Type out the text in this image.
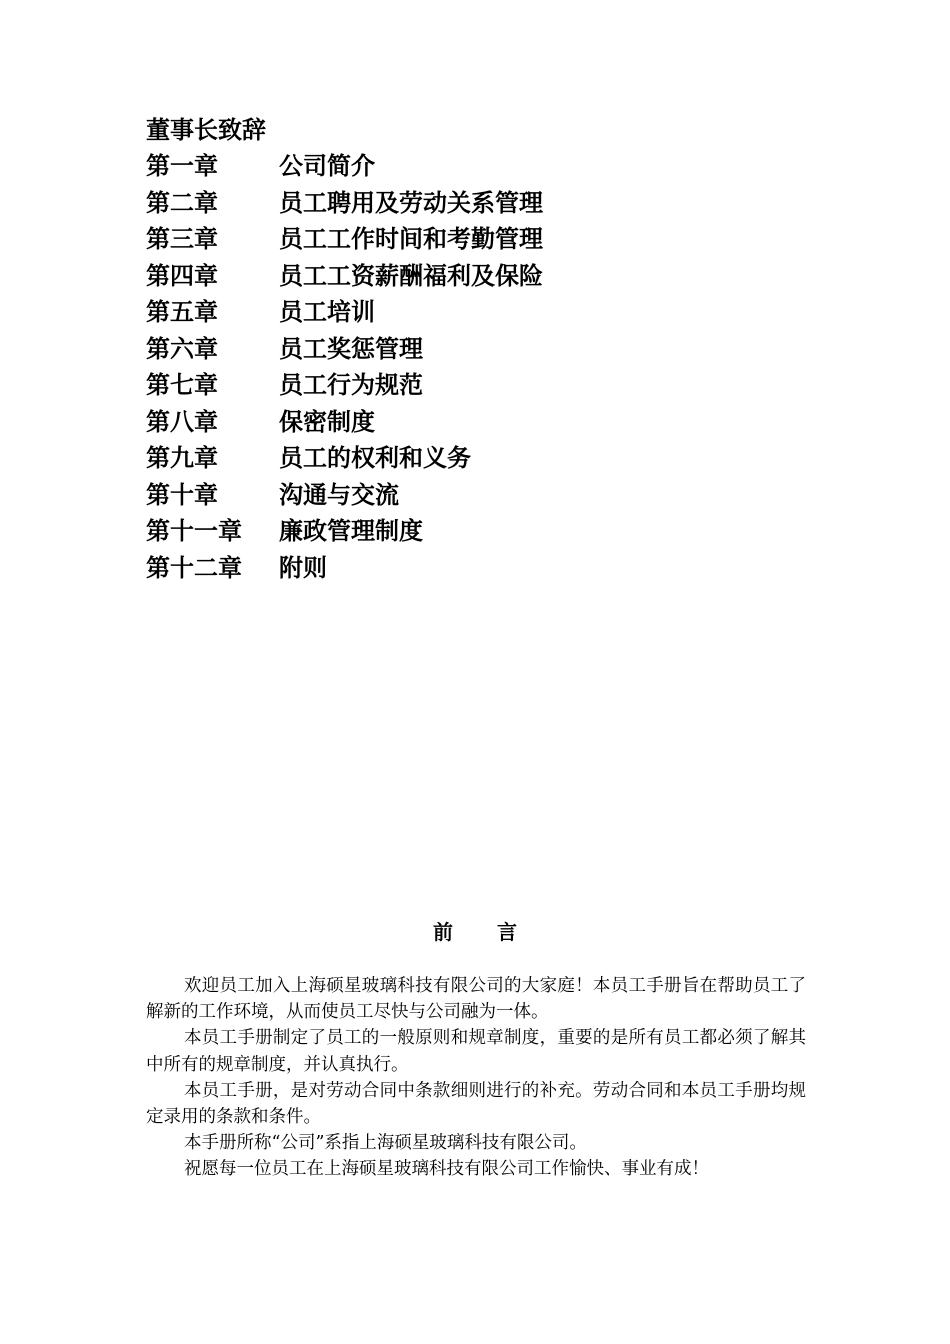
董事长致辞
第一章	公司简介
第二章	员工聘用及劳动关系管理
第三章	员工工作时间和考勤管理
第四章	员工工资薪酬福利及保险
第五章	员工培训
第六章	员工奖惩管理
第七章	员工行为规范
第八章	保密制度
第九章	员工的权利和义务
第十章	沟通与交流
第十一章	廉政管理制度
第十二章	附则
前 言

欢迎员工加入上海硕星玻璃科技有限公司的大家庭！本员工手册旨在帮助员工了解新的工作环境，从而使员工尽快与公司融为一体。

本员工手册制定了员工的一般原则和规章制度，重要的是所有员工都必须了解其中所有的规章制度，并认真执行。

本员工手册，是对劳动合同中条款细则进行的补充。劳动合同和本员工手册均规定录用的条款和条件。

本手册所称“公司”系指上海硕星玻璃科技有限公司。

祝愿每一位员工在上海硕星玻璃科技有限公司工作愉快、事业有成！
